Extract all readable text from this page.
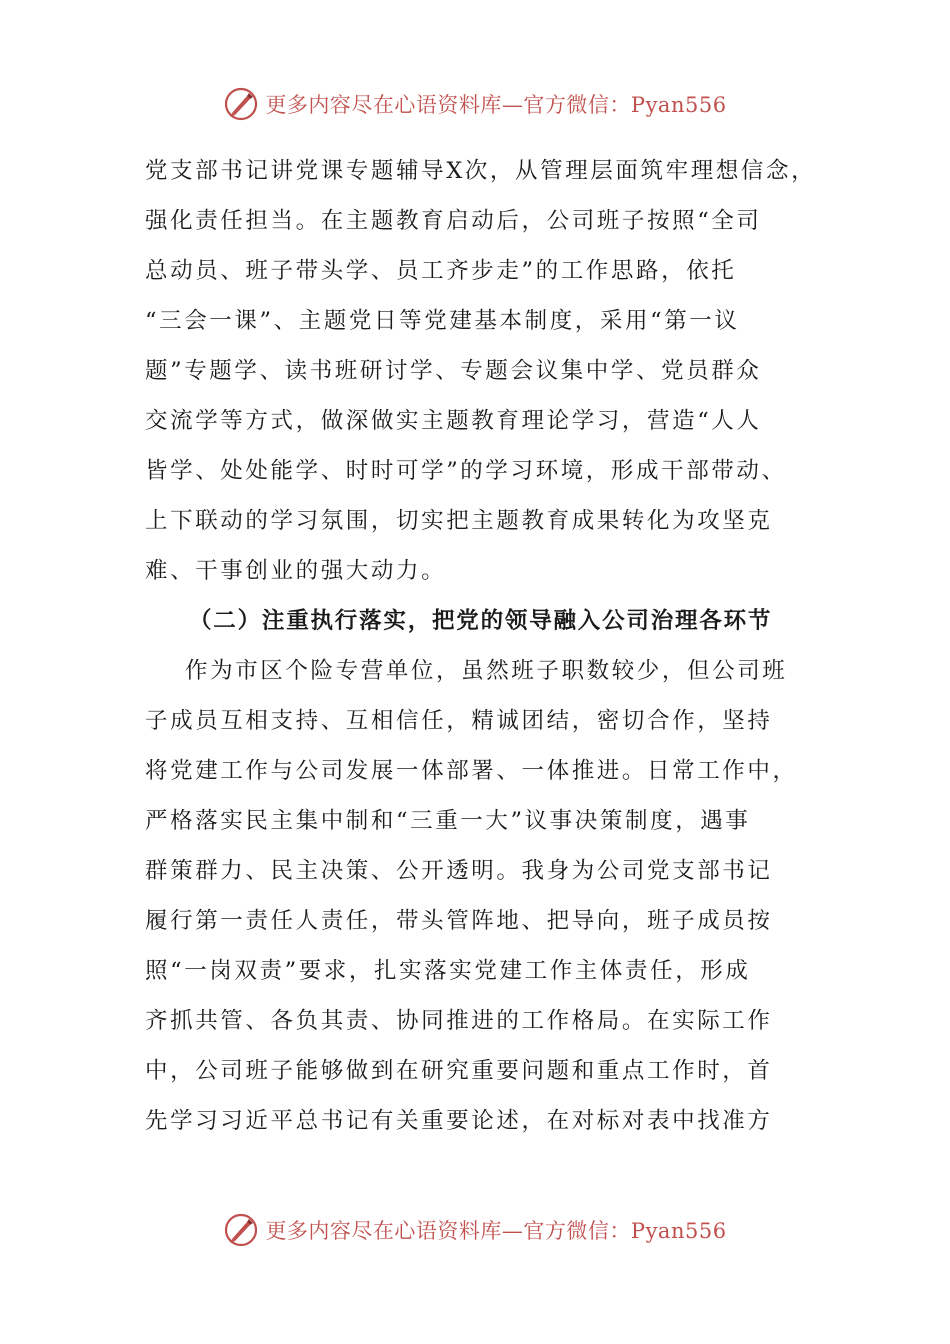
更多内容尽在心语资料库—官方微信：Pyan556
党支部书记讲党课专题辅导X次，从管理层面筑牢理想信念，
强化责任担当。在主题教育启动后，公司班子按照“全司
总动员、班子带头学、员工齐步走”的工作思路，依托
“三会一课”、主题党日等党建基本制度，采用“第一议
题”专题学、读书班研讨学、专题会议集中学、党员群众
交流学等方式，做深做实主题教育理论学习，营造“人人
皆学、处处能学、时时可学”的学习环境，形成干部带动、
上下联动的学习氛围，切实把主题教育成果转化为攻坚克
难、干事创业的强大动力。
（二）注重执行落实，把党的领导融入公司治理各环节
作为市区个险专营单位，虽然班子职数较少，但公司班
子成员互相支持、互相信任，精诚团结，密切合作，坚持
将党建工作与公司发展一体部署、一体推进。日常工作中，
严格落实民主集中制和“三重一大”议事决策制度，遇事
群策群力、民主决策、公开透明。我身为公司党支部书记
履行第一责任人责任，带头管阵地、把导向，班子成员按
照“一岗双责”要求，扎实落实党建工作主体责任，形成
齐抓共管、各负其责、协同推进的工作格局。在实际工作
中，公司班子能够做到在研究重要问题和重点工作时，首
先学习习近平总书记有关重要论述，在对标对表中找准方
更多内容尽在心语资料库—官方微信：Pyan556
